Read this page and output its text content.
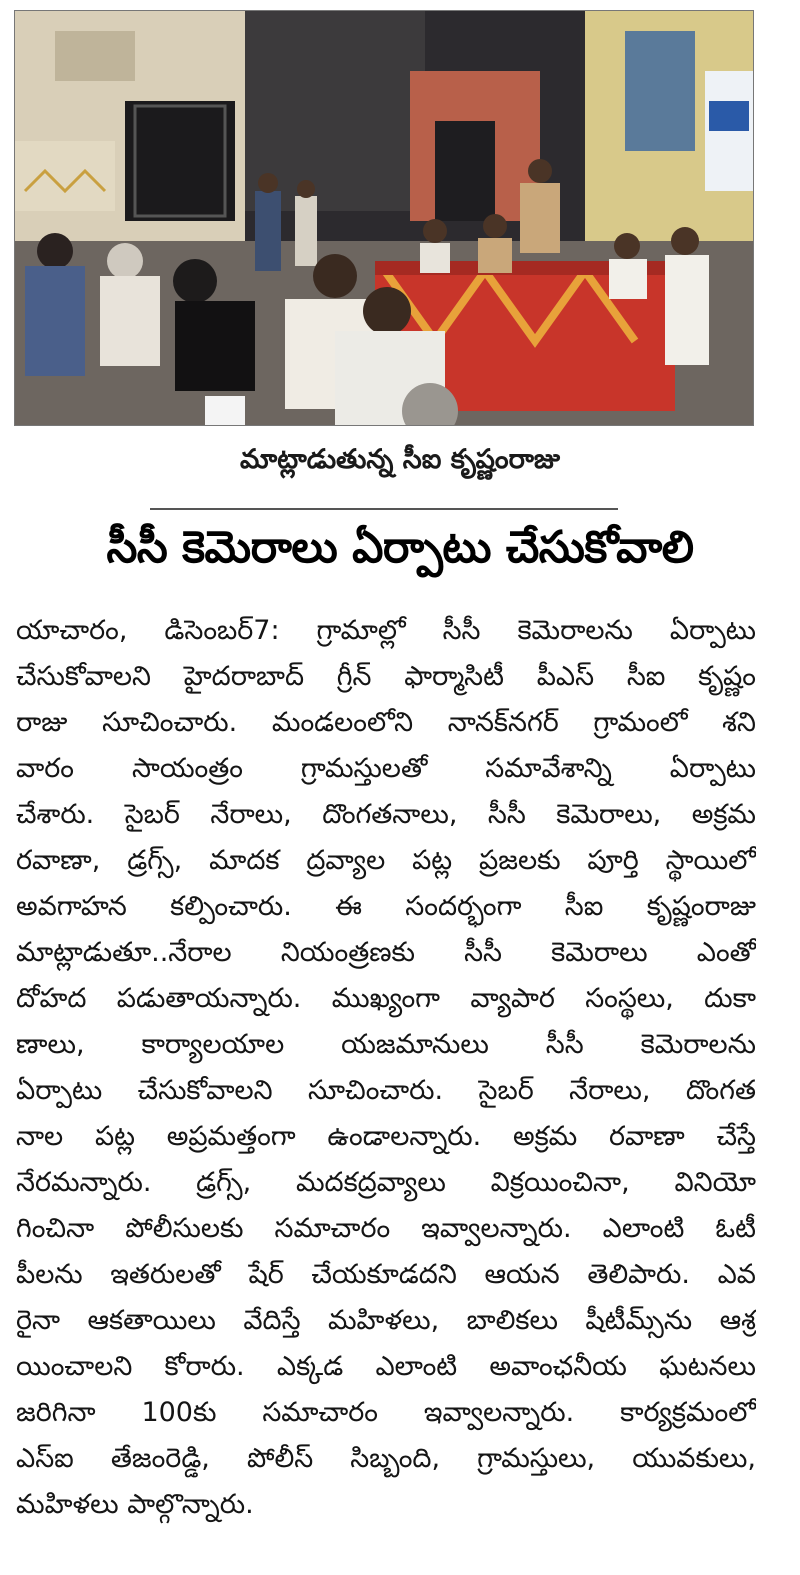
మాట్లాడుతున్న సీఐ కృష్ణంరాజు
సీసీ కెమెరాలు ఏర్పాటు చేసుకోవాలి
యాచారం, డిసెంబర్7: గ్రామాల్లో సీసీ కెమెరాలను ఏర్పాటు
చేసుకోవాలని హైదరాబాద్ గ్రీన్ ఫార్మాసిటీ పీఎస్ సీఐ కృష్ణం
రాజు సూచించారు. మండలంలోని నానక్‌నగర్ గ్రామంలో శని
వారం సాయంత్రం గ్రామస్తులతో సమావేశాన్ని ఏర్పాటు
చేశారు. సైబర్ నేరాలు, దొంగతనాలు, సీసీ కెమెరాలు, అక్రమ
రవాణా, డ్రగ్స్, మాదక ద్రవ్యాల పట్ల ప్రజలకు పూర్తి స్థాయిలో
అవగాహన కల్పించారు. ఈ సందర్భంగా సీఐ కృష్ణంరాజు
మాట్లాడుతూ..నేరాల నియంత్రణకు సీసీ కెమెరాలు ఎంతో
దోహద పడుతాయన్నారు. ముఖ్యంగా వ్యాపార సంస్థలు, దుకా
ణాలు, కార్యాలయాల యజమానులు సీసీ కెమెరాలను
ఏర్పాటు చేసుకోవాలని సూచించారు. సైబర్ నేరాలు, దొంగత
నాల పట్ల అప్రమత్తంగా ఉండాలన్నారు. అక్రమ రవాణా చేస్తే
నేరమన్నారు. డ్రగ్స్, మదకద్రవ్యాలు విక్రయించినా, వినియో
గించినా పోలీసులకు సమాచారం ఇవ్వాలన్నారు. ఎలాంటి ఓటీ
పీలను ఇతరులతో షేర్ చేయకూడదని ఆయన తెలిపారు. ఎవ
రైనా ఆకతాయిలు వేదిస్తే మహిళలు, బాలికలు షీటీమ్స్‌ను ఆశ్ర
యించాలని కోరారు. ఎక్కడ ఎలాంటి అవాంఛనీయ ఘటనలు
జరిగినా 100కు సమాచారం ఇవ్వాలన్నారు. కార్యక్రమంలో
ఎస్ఐ తేజంరెడ్డి, పోలీస్ సిబ్బంది, గ్రామస్తులు, యువకులు,
మహిళలు పాల్గొన్నారు.
